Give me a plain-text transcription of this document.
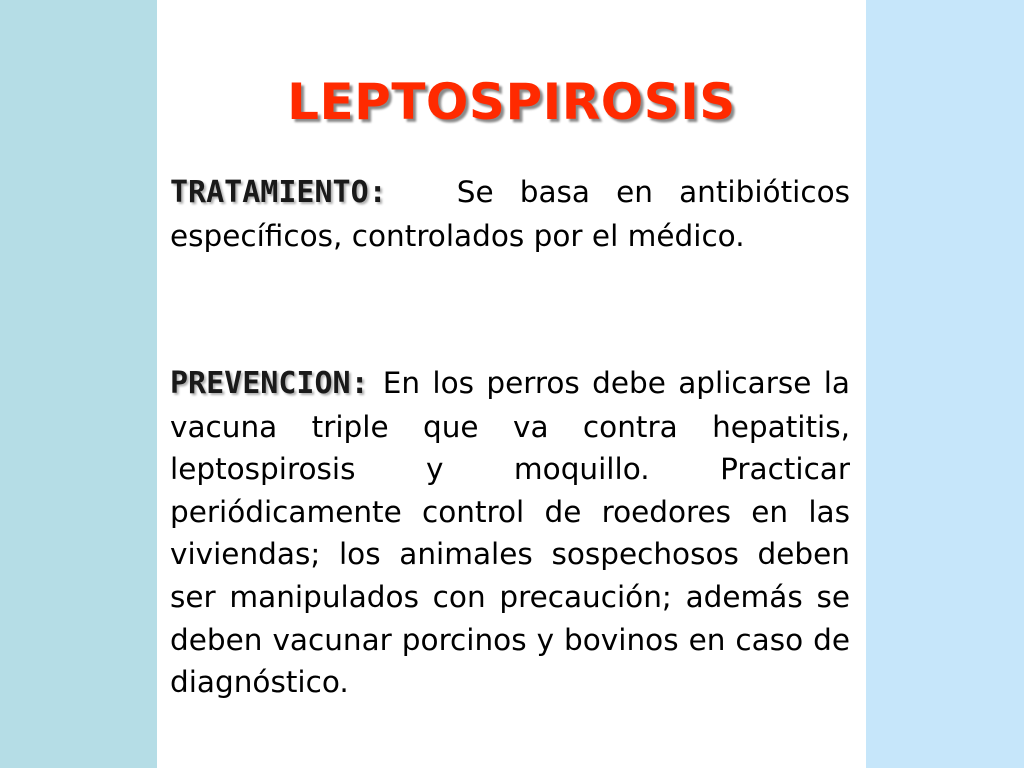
LEPTOSPIROSIS

TRATAMIENTO: Se basa en antibióticos específicos, controlados por el médico.

PREVENCION: En los perros debe aplicarse la vacuna triple que va contra hepatitis, leptospirosis y moquillo. Practicar periódicamente control de roedores en las viviendas; los animales sospechosos deben ser manipulados con precaución; además se deben vacunar porcinos y bovinos en caso de diagnóstico.
